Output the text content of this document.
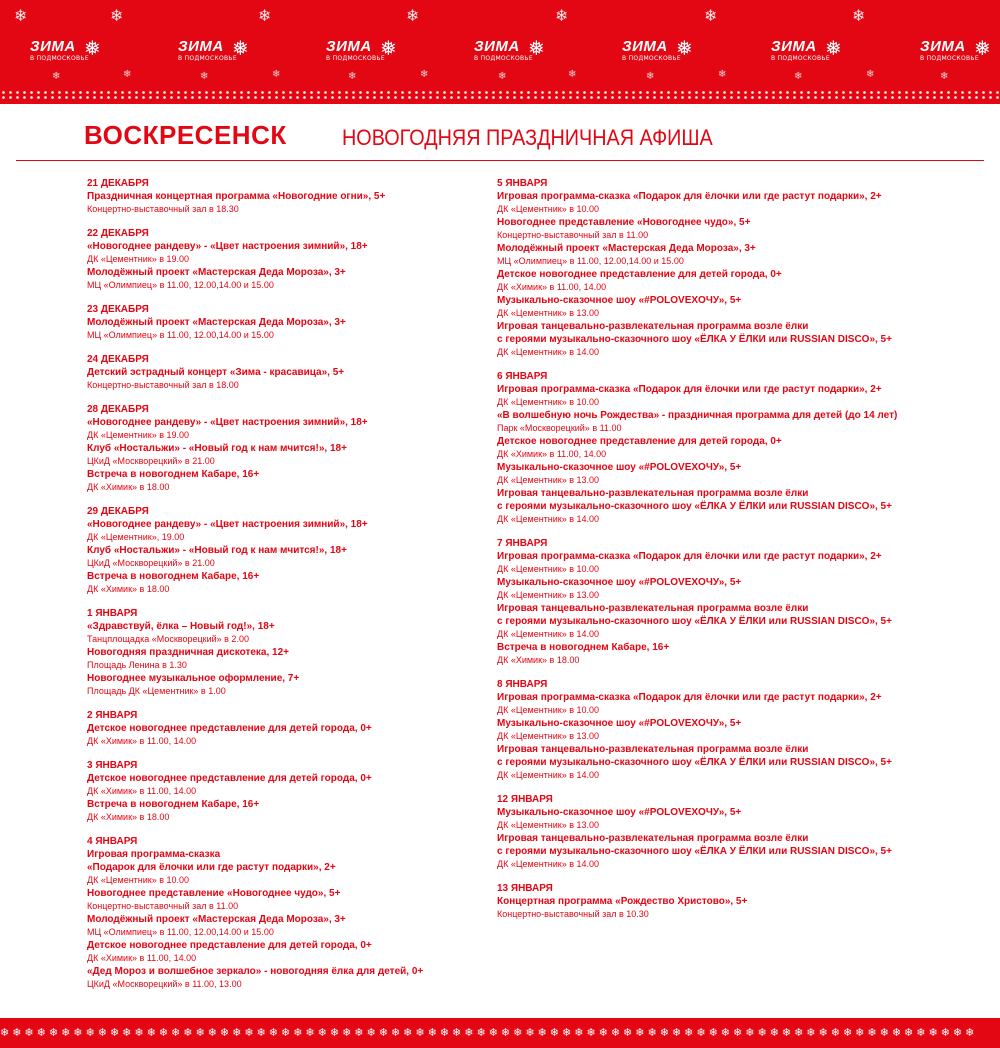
❄	❄	❄	❄	❄	❄
❄
❄	❄	❄	❄	❄	❄
❄	❄	❄	❄	❄	❄	❄
ЗИМА
В ПОДМОСКОВЬЕ
❅	ЗИМА
В ПОДМОСКОВЬЕ
❅	ЗИМА
В ПОДМОСКОВЬЕ
❅	ЗИМА
В ПОДМОСКОВЬЕ
❅	ЗИМА
В ПОДМОСКОВЬЕ
❅	ЗИМА
В ПОДМОСКОВЬЕ
❅	ЗИМА
В ПОДМОСКОВЬЕ
❅
ВОСКРЕСЕНСК	НОВОГОДНЯЯ ПРАЗДНИЧНАЯ АФИША
21 ДЕКАБРЯ
Праздничная концертная программа «Новогодние огни», 5+
Концертно-выставочный зал в 18.30
22 ДЕКАБРЯ
«Новогоднее рандеву» - «Цвет настроения зимний», 18+
ДК «Цементник» в 19.00
Молодёжный проект «Мастерская Деда Мороза», 3+
МЦ «Олимпиец» в 11.00, 12.00,14.00 и 15.00
23 ДЕКАБРЯ
Молодёжный проект «Мастерская Деда Мороза», 3+
МЦ «Олимпиец» в 11.00, 12.00,14.00 и 15.00
24 ДЕКАБРЯ
Детский эстрадный концерт «Зима - красавица», 5+
Концертно-выставочный зал в 18.00
28 ДЕКАБРЯ
«Новогоднее рандеву» - «Цвет настроения зимний», 18+
ДК «Цементник» в 19.00
Клуб «Ностальжи» - «Новый год к нам мчится!», 18+
ЦКиД «Москворецкий» в 21.00
Встреча в новогоднем Кабаре, 16+
ДК «Химик» в 18.00
29 ДЕКАБРЯ
«Новогоднее рандеву» - «Цвет настроения зимний», 18+
ДК «Цементник», 19.00
Клуб «Ностальжи» - «Новый год к нам мчится!», 18+
ЦКиД «Москворецкий» в 21.00
Встреча в новогоднем Кабаре, 16+
ДК «Химик» в 18.00
1 ЯНВАРЯ
«Здравствуй, ёлка – Новый год!», 18+
Танцплощадка «Москворецкий» в 2.00
Новогодняя праздничная дискотека, 12+
Площадь Ленина в 1.30
Новогоднее музыкальное оформление, 7+
Площадь ДК «Цементник» в 1.00
2 ЯНВАРЯ
Детское новогоднее представление для детей города, 0+
ДК «Химик» в 11.00, 14.00
3 ЯНВАРЯ
Детское новогоднее представление для детей города, 0+
ДК «Химик» в 11.00, 14.00
Встреча в новогоднем Кабаре, 16+
ДК «Химик» в 18.00
4 ЯНВАРЯ
Игровая программа-сказка
«Подарок для ёлочки или где растут подарки», 2+
ДК «Цементник» в 10.00
Новогоднее представление «Новогоднее чудо», 5+
Концертно-выставочный зал в 11.00
Молодёжный проект «Мастерская Деда Мороза», 3+
МЦ «Олимпиец» в 11.00, 12.00,14.00 и 15.00
Детское новогоднее представление для детей города, 0+
ДК «Химик» в 11.00, 14.00
«Дед Мороз и волшебное зеркало» - новогодняя ёлка для детей, 0+
ЦКиД «Москворецкий» в 11.00, 13.00
5 ЯНВАРЯ
Игровая программа-сказка «Подарок для ёлочки или где растут подарки», 2+
ДК «Цементник» в 10.00
Новогоднее представление «Новогоднее чудо», 5+
Концертно-выставочный зал в 11.00
Молодёжный проект «Мастерская Деда Мороза», 3+
МЦ «Олимпиец» в 11.00, 12.00,14.00 и 15.00
Детское новогоднее представление для детей города, 0+
ДК «Химик» в 11.00, 14.00
Музыкально-сказочное шоу «#POLOVEXOЧУ», 5+
ДК «Цементник» в 13.00
Игровая танцевально-развлекательная программа возле ёлки
с героями музыкально-сказочного шоу «ЁЛКА У ЁЛКИ или RUSSIAN DISCO», 5+
ДК «Цементник» в 14.00
6 ЯНВАРЯ
Игровая программа-сказка «Подарок для ёлочки или где растут подарки», 2+
ДК «Цементник» в 10.00
«В волшебную ночь Рождества» - праздничная программа для детей (до 14 лет)
Парк «Москворецкий» в 11.00
Детское новогоднее представление для детей города, 0+
ДК «Химик» в 11.00, 14.00
Музыкально-сказочное шоу «#POLOVEXOЧУ», 5+
ДК «Цементник» в 13.00
Игровая танцевально-развлекательная программа возле ёлки
с героями музыкально-сказочного шоу «ЁЛКА У ЁЛКИ или RUSSIAN DISCO», 5+
ДК «Цементник» в 14.00
7 ЯНВАРЯ
Игровая программа-сказка «Подарок для ёлочки или где растут подарки», 2+
ДК «Цементник» в 10.00
Музыкально-сказочное шоу «#POLOVEXOЧУ», 5+
ДК «Цементник» в 13.00
Игровая танцевально-развлекательная программа возле ёлки
с героями музыкально-сказочного шоу «ЁЛКА У ЁЛКИ или RUSSIAN DISCO», 5+
ДК «Цементник» в 14.00
Встреча в новогоднем Кабаре, 16+
ДК «Химик» в 18.00
8 ЯНВАРЯ
Игровая программа-сказка «Подарок для ёлочки или где растут подарки», 2+
ДК «Цементник» в 10.00
Музыкально-сказочное шоу «#POLOVEXOЧУ», 5+
ДК «Цементник» в 13.00
Игровая танцевально-развлекательная программа возле ёлки
с героями музыкально-сказочного шоу «ЁЛКА У ЁЛКИ или RUSSIAN DISCO», 5+
ДК «Цементник» в 14.00
12 ЯНВАРЯ
Музыкально-сказочное шоу «#POLOVEXOЧУ», 5+
ДК «Цементник» в 13.00
Игровая танцевально-развлекательная программа возле ёлки
с героями музыкально-сказочного шоу «ЁЛКА У ЁЛКИ или RUSSIAN DISCO», 5+
ДК «Цементник» в 14.00
13 ЯНВАРЯ
Концертная программа «Рождество Христово», 5+
Концертно-выставочный зал в 10.30
❄❄❄❄❄❄❄❄❄❄❄❄❄❄❄❄❄❄❄❄❄❄❄❄❄❄❄❄❄❄❄❄❄❄❄❄❄❄❄❄❄❄❄❄❄❄❄❄❄❄❄❄❄❄❄❄❄❄❄❄❄❄❄❄❄❄❄❄❄❄❄❄❄❄❄❄❄❄❄❄
